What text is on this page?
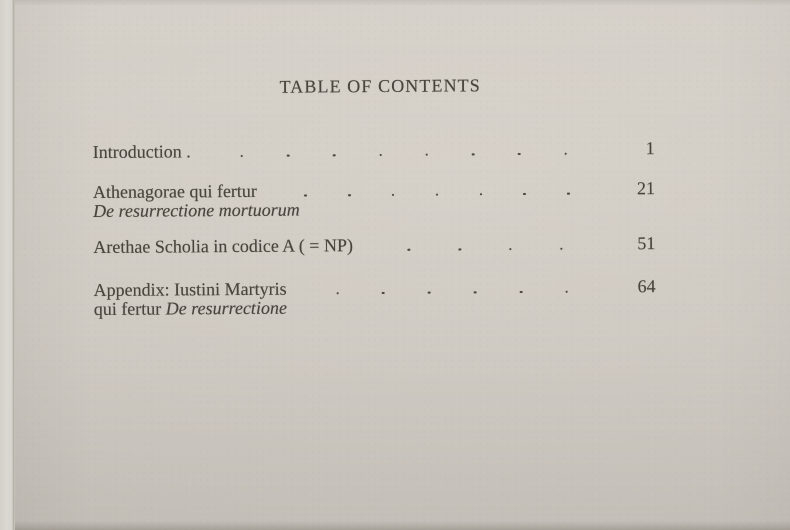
TABLE OF CONTENTS
Introduction .	1
Athenagorae qui fertur	21
De resurrectione mortuorum
Arethae Scholia in codice A ( = NP)	51
Appendix: Iustini Martyris	64
qui fertur De resurrectione
